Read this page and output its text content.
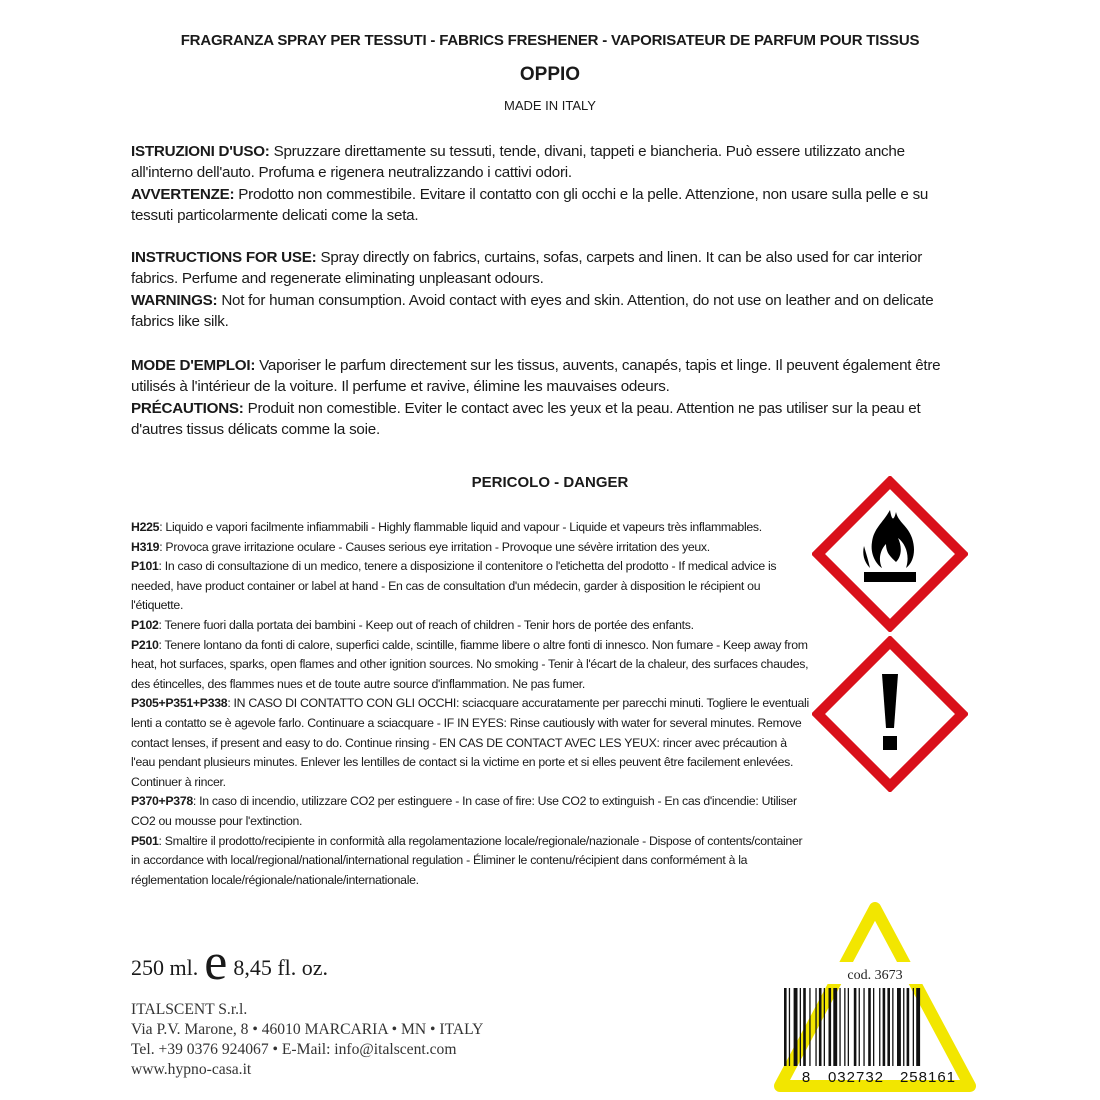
FRAGRANZA SPRAY PER TESSUTI - FABRICS FRESHENER - VAPORISATEUR DE PARFUM POUR TISSUS
OPPIO
MADE IN ITALY

ISTRUZIONI D'USO: Spruzzare direttamente su tessuti, tende, divani, tappeti e biancheria. Può essere utilizzato anche all'interno dell'auto. Profuma e rigenera neutralizzando i cattivi odori.

AVVERTENZE: Prodotto non commestibile. Evitare il contatto con gli occhi e la pelle. Attenzione, non usare sulla pelle e su tessuti particolarmente delicati come la seta.

INSTRUCTIONS FOR USE: Spray directly on fabrics, curtains, sofas, carpets and linen. It can be also used for car interior fabrics. Perfume and regenerate eliminating unpleasant odours.

WARNINGS: Not for human consumption. Avoid contact with eyes and skin. Attention, do not use on leather and on delicate fabrics like silk.

MODE D'EMPLOI: Vaporiser le parfum directement sur les tissus, auvents, canapés, tapis et linge. Il peuvent également être utilisés à l'intérieur de la voiture. Il perfume et ravive, élimine les mauvaises odeurs.

PRÉCAUTIONS: Produit non comestible. Eviter le contact avec les yeux et la peau. Attention ne pas utiliser sur la peau et d'autres tissus délicats comme la soie.

PERICOLO - DANGER

H225: Liquido e vapori facilmente infiammabili - Highly flammable liquid and vapour - Liquide et vapeurs très inflammables.

H319: Provoca grave irritazione oculare - Causes serious eye irritation - Provoque une sévère irritation des yeux.

P101: In caso di consultazione di un medico, tenere a disposizione il contenitore o l'etichetta del prodotto - If medical advice is needed, have product container or label at hand - En cas de consultation d'un médecin, garder à disposition le récipient ou l'étiquette.

P102: Tenere fuori dalla portata dei bambini - Keep out of reach of children - Tenir hors de portée des enfants.

P210: Tenere lontano da fonti di calore, superfici calde, scintille, fiamme libere o altre fonti di innesco. Non fumare - Keep away from heat, hot surfaces, sparks, open flames and other ignition sources. No smoking - Tenir à l'écart de la chaleur, des surfaces chaudes, des étincelles, des flammes nues et de toute autre source d'inflammation. Ne pas fumer.

P305+P351+P338: IN CASO DI CONTATTO CON GLI OCCHI: sciacquare accuratamente per parecchi minuti. Togliere le eventuali lenti a contatto se è agevole farlo. Continuare a sciacquare - IF IN EYES: Rinse cautiously with water for several minutes. Remove contact lenses, if present and easy to do. Continue rinsing - EN CAS DE CONTACT AVEC LES YEUX: rincer avec précaution à l'eau pendant plusieurs minutes. Enlever les lentilles de contact si la victime en porte et si elles peuvent être facilement enlevées. Continuer à rincer.

P370+P378: In caso di incendio, utilizzare CO2 per estinguere - In case of fire: Use CO2 to extinguish - En cas d'incendie: Utiliser CO2 ou mousse pour l'extinction.

P501: Smaltire il prodotto/recipiente in conformità alla regolamentazione locale/regionale/nazionale - Dispose of contents/container in accordance with local/regional/national/international regulation - Éliminer le contenu/récipient dans conformément à la réglementation locale/régionale/nationale/internationale.

250 ml. e 8,45 fl. oz.
ITALSCENT S.r.l.
Via P.V. Marone, 8 • 46010 MARCARIA • MN • ITALY
Tel. +39 0376 924067 • E-Mail: info@italscent.com
www.hypno-casa.it
cod. 3673
8 032732 258161
